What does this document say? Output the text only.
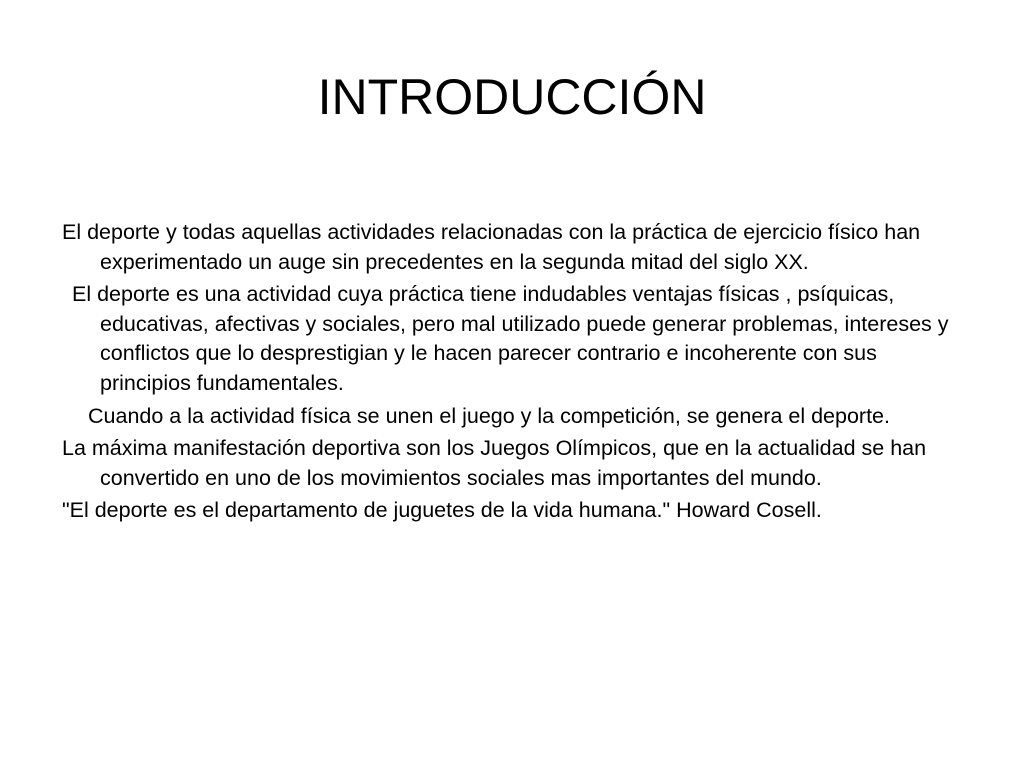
INTRODUCCIÓN

El deporte y todas aquellas actividades relacionadas con la práctica de ejercicio físico han experimentado un auge sin precedentes en la segunda mitad del siglo XX.

El deporte es una actividad cuya práctica tiene indudables ventajas físicas , psíquicas, educativas, afectivas y sociales, pero mal utilizado puede generar problemas, intereses y conflictos que lo desprestigian y le hacen parecer contrario e incoherente con sus principios fundamentales.

Cuando a la actividad física se unen el juego y la competición, se genera el deporte.

La máxima manifestación deportiva son los Juegos Olímpicos, que en la actualidad se han convertido en uno de los movimientos sociales mas importantes del mundo.

"El deporte es el departamento de juguetes de la vida humana." Howard Cosell.
